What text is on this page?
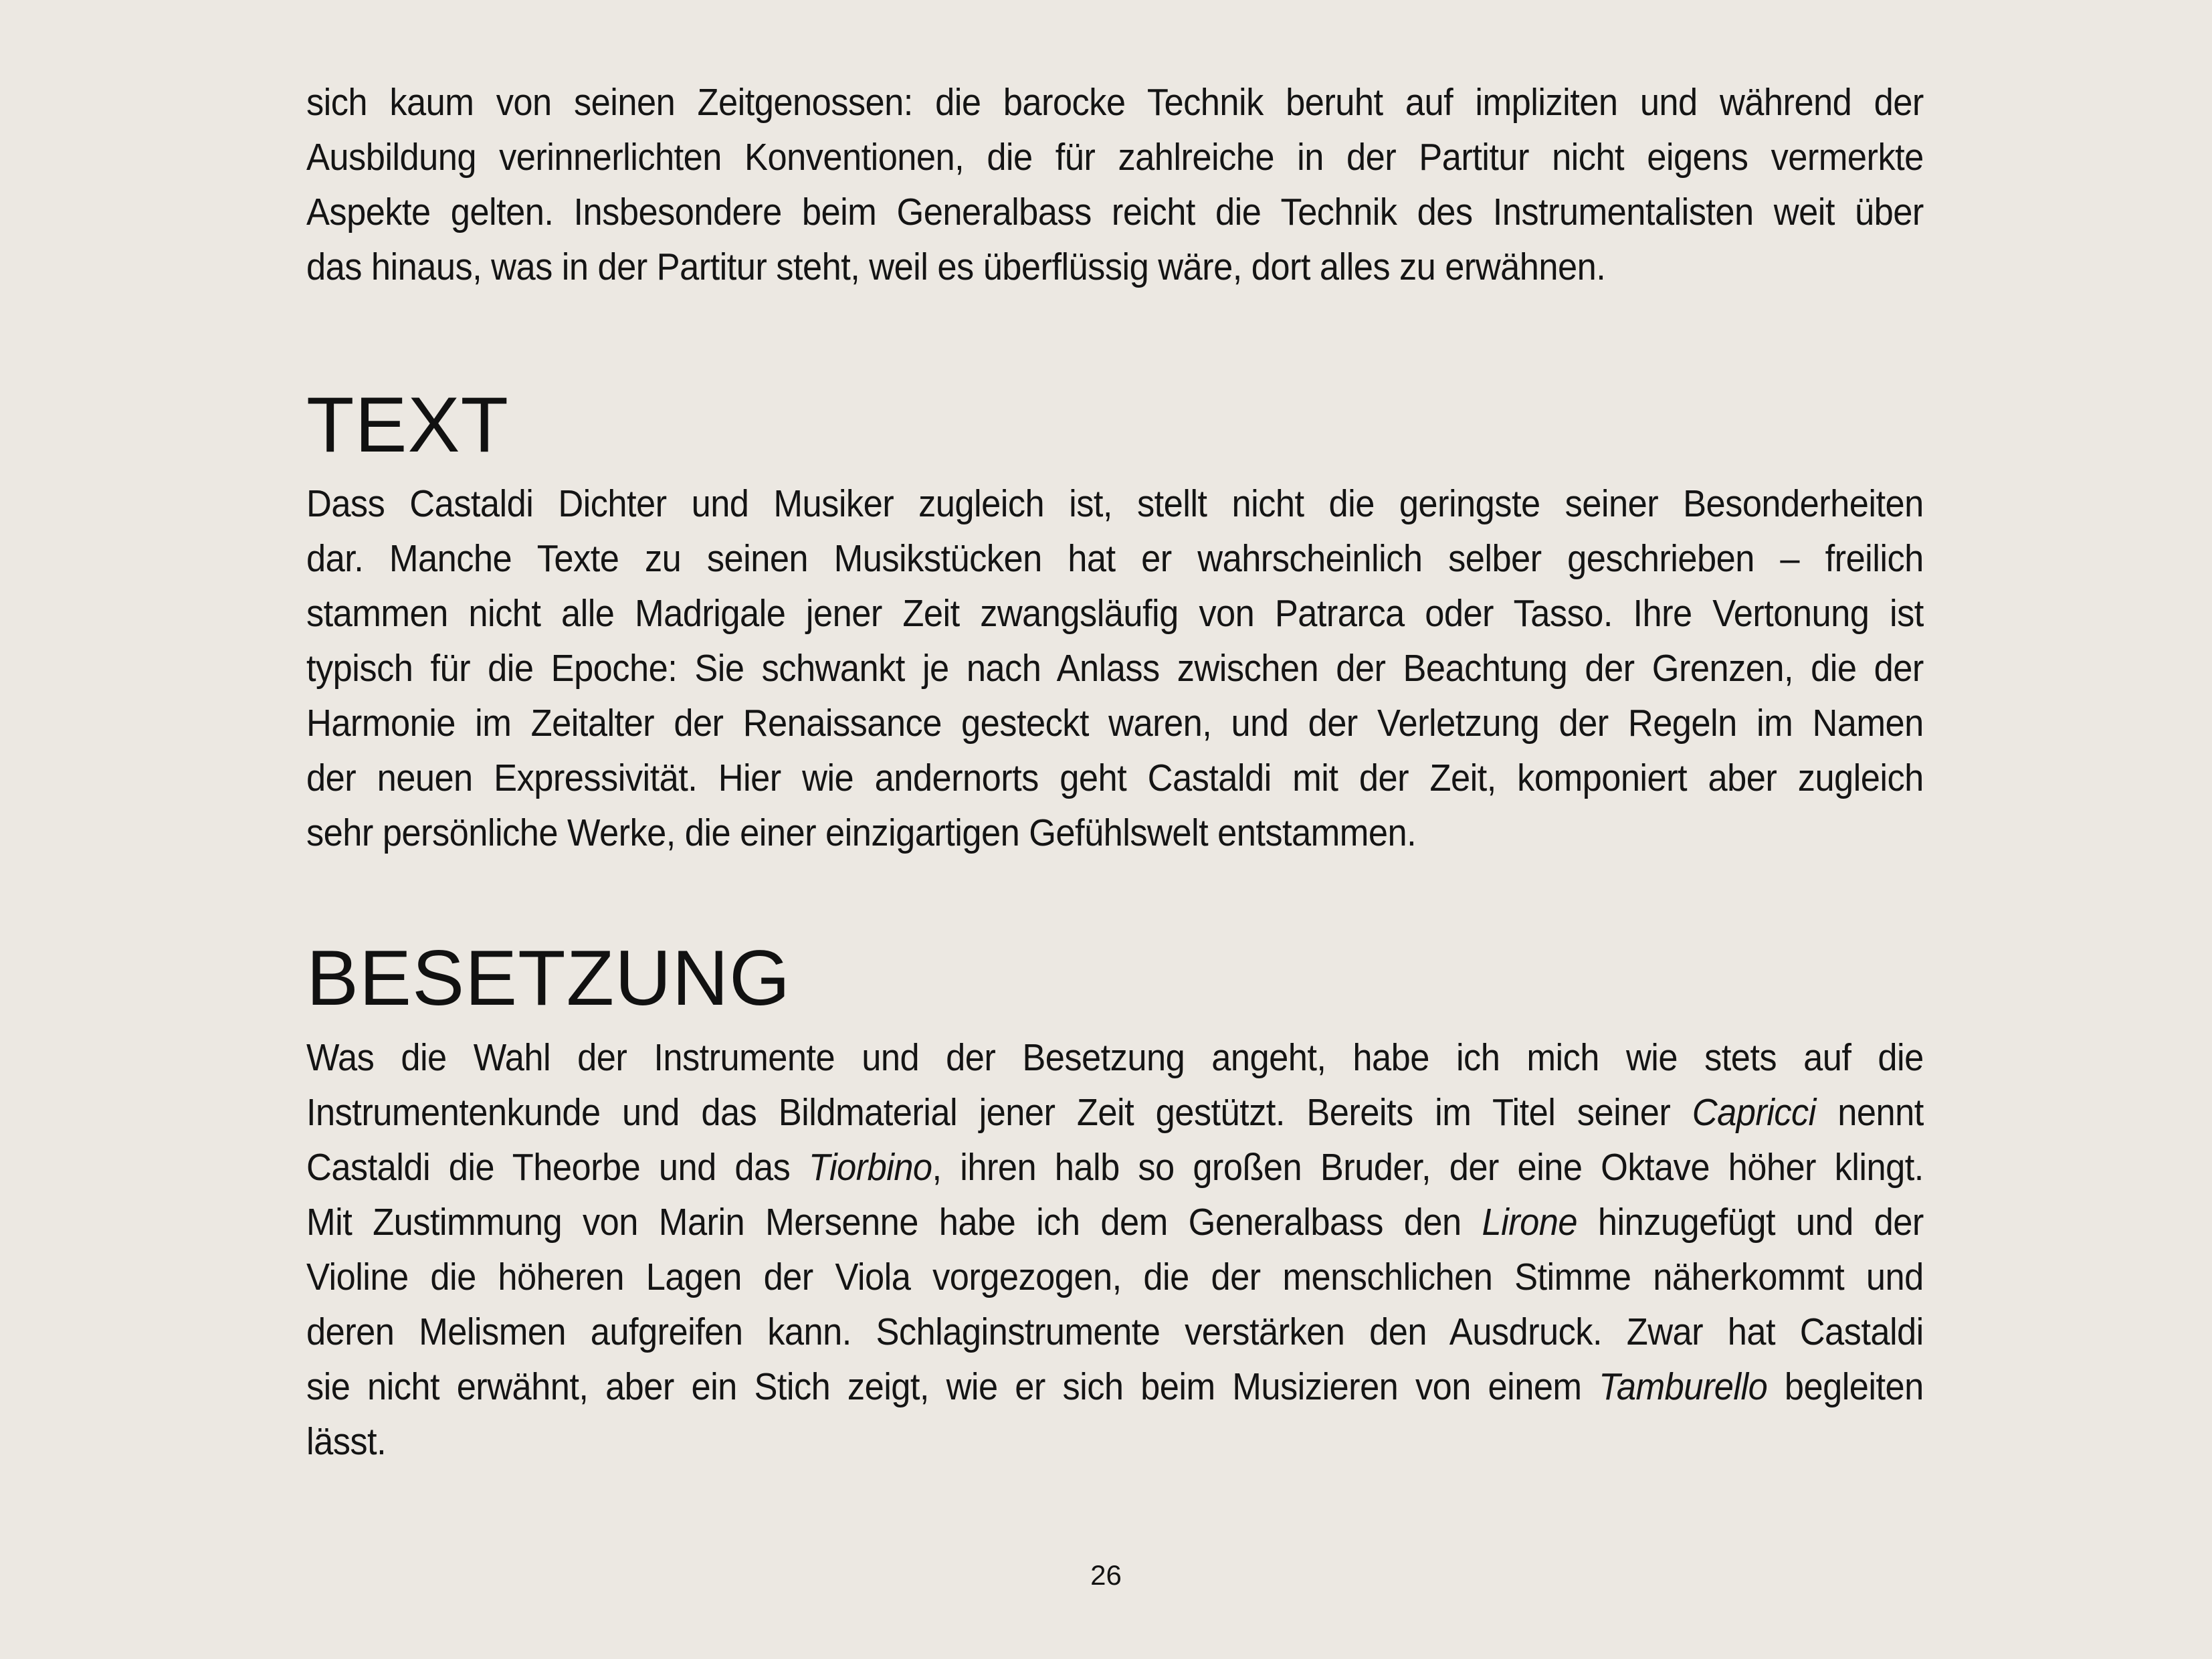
sich kaum von seinen Zeitgenossen: die barocke Technik beruht auf impliziten und während der
Ausbildung verinnerlichten Konventionen, die für zahlreiche in der Partitur nicht eigens vermerkte
Aspekte gelten. Insbesondere beim Generalbass reicht die Technik des Instrumentalisten weit über
das hinaus, was in der Partitur steht, weil es überflüssig wäre, dort alles zu erwähnen.

TEXT

Dass Castaldi Dichter und Musiker zugleich ist, stellt nicht die geringste seiner Besonderheiten
dar. Manche Texte zu seinen Musikstücken hat er wahrscheinlich selber geschrieben – freilich
stammen nicht alle Madrigale jener Zeit zwangsläufig von Patrarca oder Tasso. Ihre Vertonung ist
typisch für die Epoche: Sie schwankt je nach Anlass zwischen der Beachtung der Grenzen, die der
Harmonie im Zeitalter der Renaissance gesteckt waren, und der Verletzung der Regeln im Namen
der neuen Expressivität. Hier wie andernorts geht Castaldi mit der Zeit, komponiert aber zugleich
sehr persönliche Werke, die einer einzigartigen Gefühlswelt entstammen.

BESETZUNG

Was die Wahl der Instrumente und der Besetzung angeht, habe ich mich wie stets auf die
Instrumentenkunde und das Bildmaterial jener Zeit gestützt. Bereits im Titel seiner Capricci nennt
Castaldi die Theorbe und das Tiorbino, ihren halb so großen Bruder, der eine Oktave höher klingt.
Mit Zustimmung von Marin Mersenne habe ich dem Generalbass den Lirone hinzugefügt und der
Violine die höheren Lagen der Viola vorgezogen, die der menschlichen Stimme näherkommt und
deren Melismen aufgreifen kann. Schlaginstrumente verstärken den Ausdruck. Zwar hat Castaldi
sie nicht erwähnt, aber ein Stich zeigt, wie er sich beim Musizieren von einem Tamburello begleiten
lässt.

26
